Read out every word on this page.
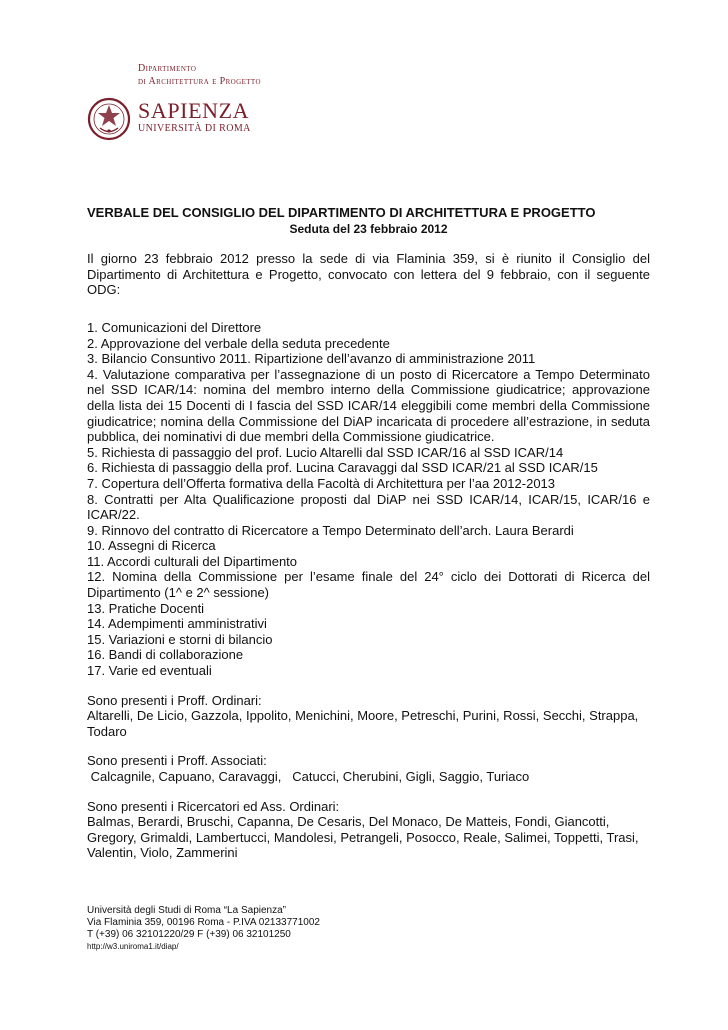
Dipartimento
di Architettura e Progetto
SAPIENZA
UNIVERSITÀ DI ROMA
VERBALE DEL CONSIGLIO DEL DIPARTIMENTO DI ARCHITETTURA E PROGETTO
Seduta del 23 febbraio 2012
Il giorno 23 febbraio 2012 presso la sede di via Flaminia 359, si è riunito il Consiglio del Dipartimento di Architettura e Progetto, convocato con lettera del 9 febbraio, con il seguente ODG:
1. Comunicazioni del Direttore
2. Approvazione del verbale della seduta precedente
3. Bilancio Consuntivo 2011. Ripartizione dell’avanzo di amministrazione 2011
4. Valutazione comparativa per l’assegnazione di un posto di Ricercatore a Tempo Determinato nel SSD ICAR/14: nomina del membro interno della Commissione giudicatrice; approvazione della lista dei 15 Docenti di I fascia del SSD ICAR/14 eleggibili come membri della Commissione giudicatrice; nomina della Commissione del DiAP incaricata di procedere all’estrazione, in seduta pubblica, dei nominativi di due membri della Commissione giudicatrice.
5. Richiesta di passaggio del prof. Lucio Altarelli dal SSD ICAR/16 al SSD ICAR/14
6. Richiesta di passaggio della prof. Lucina Caravaggi dal SSD ICAR/21 al SSD ICAR/15
7. Copertura dell’Offerta formativa della Facoltà di Architettura per l’aa 2012-2013
8. Contratti per Alta Qualificazione proposti dal DiAP nei SSD ICAR/14, ICAR/15, ICAR/16 e ICAR/22.
9. Rinnovo del contratto di Ricercatore a Tempo Determinato dell’arch. Laura Berardi
10. Assegni di Ricerca
11. Accordi culturali del Dipartimento
12. Nomina della Commissione per l’esame finale del 24° ciclo dei Dottorati di Ricerca del Dipartimento (1^ e 2^ sessione)
13. Pratiche Docenti
14. Adempimenti amministrativi
15. Variazioni e storni di bilancio
16. Bandi di collaborazione
17. Varie ed eventuali
Sono presenti i Proff. Ordinari:
Altarelli, De Licio, Gazzola, Ippolito, Menichini, Moore, Petreschi, Purini, Rossi, Secchi, Strappa, Todaro
Sono presenti i Proff. Associati:
Calcagnile, Capuano, Caravaggi,   Catucci, Cherubini, Gigli, Saggio, Turiaco
Sono presenti i Ricercatori ed Ass. Ordinari:
Balmas, Berardi, Bruschi, Capanna, De Cesaris, Del Monaco, De Matteis, Fondi, Giancotti, Gregory, Grimaldi, Lambertucci, Mandolesi, Petrangeli, Posocco, Reale, Salimei, Toppetti, Trasi, Valentin, Violo, Zammerini
Università degli Studi di Roma “La Sapienza”
Via Flaminia 359, 00196 Roma - P.IVA 02133771002
T (+39) 06 32101220/29 F (+39) 06 32101250
http://w3.uniroma1.it/diap/
